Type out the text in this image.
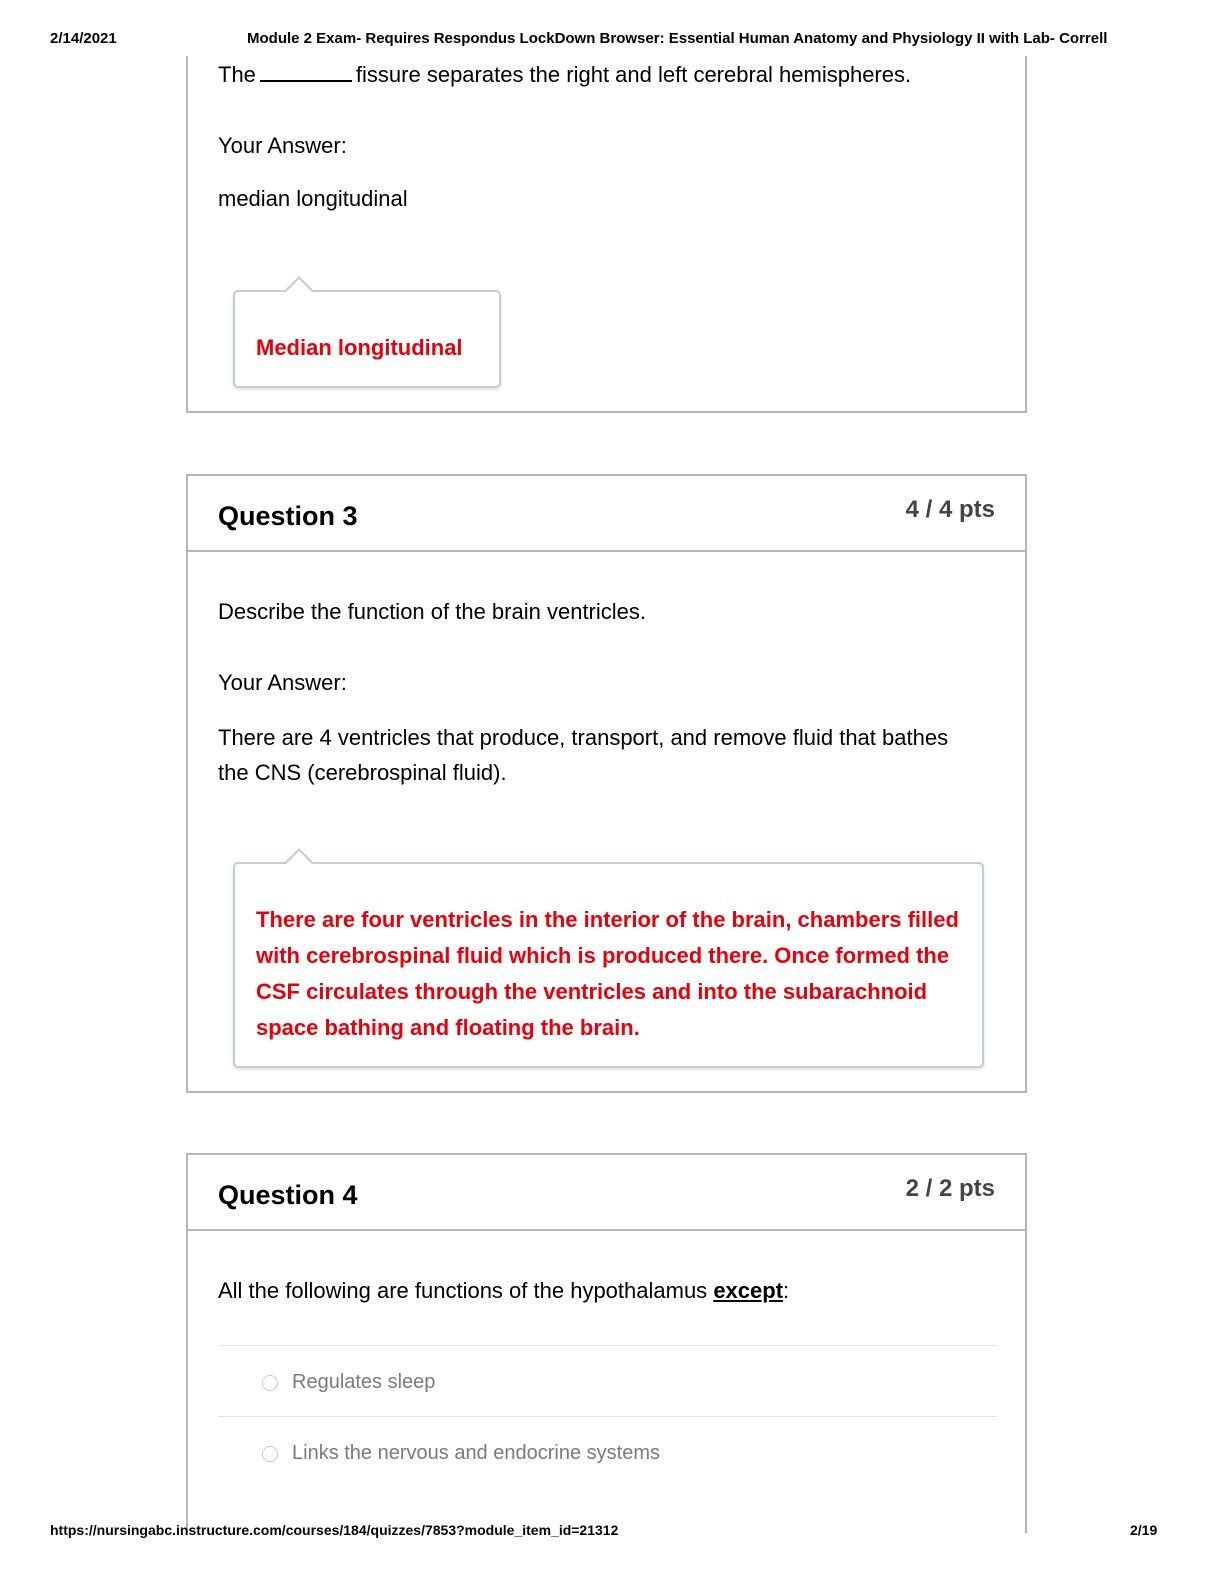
2/14/2021	Module 2 Exam- Requires Respondus LockDown Browser: Essential Human Anatomy and Physiology II with Lab- Correll
The	fissure separates the right and left cerebral hemispheres.
Your Answer:
median longitudinal
Median longitudinal
Question 3	4 / 4 pts
Describe the function of the brain ventricles.
Your Answer:
There are 4 ventricles that produce, transport, and remove fluid that bathes the CNS (cerebrospinal fluid).
There are four ventricles in the interior of the brain, chambers filled with cerebrospinal fluid which is produced there. Once formed the CSF circulates through the ventricles and into the subarachnoid space bathing and floating the brain.
Question 4	2 / 2 pts
All the following are functions of the hypothalamus except:
Regulates sleep
Links the nervous and endocrine systems
https://nursingabc.instructure.com/courses/184/quizzes/7853?module_item_id=21312	2/19
